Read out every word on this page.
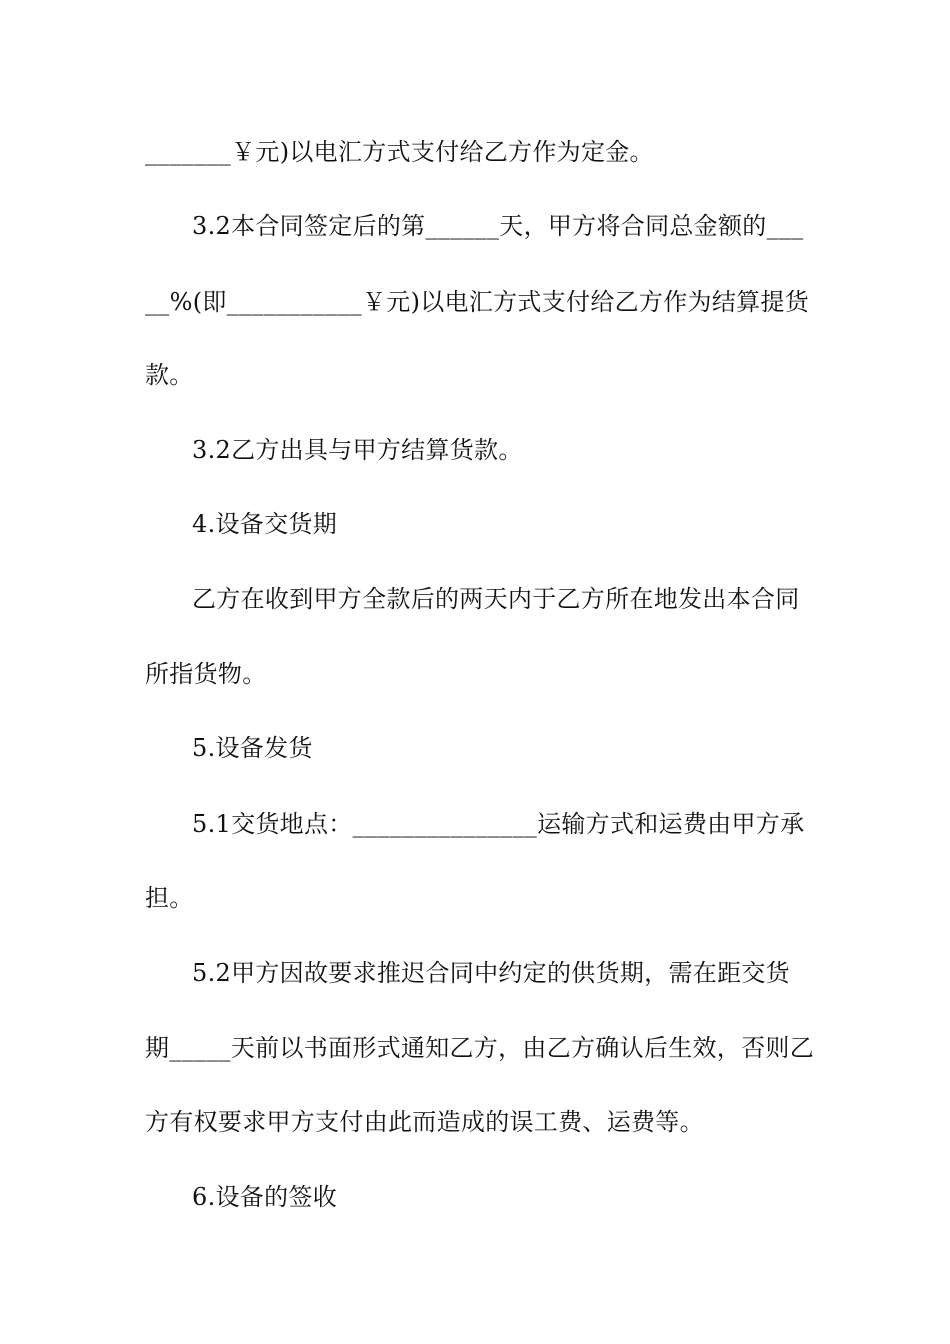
_______￥元)以电汇方式支付给乙方作为定金。
3.2本合同签定后的第______天，甲方将合同总金额的___
__%(即___________￥元)以电汇方式支付给乙方作为结算提货
款。
3.2乙方出具与甲方结算货款。
4.设备交货期
乙方在收到甲方全款后的两天内于乙方所在地发出本合同
所指货物。
5.设备发货
5.1交货地点：_______________运输方式和运费由甲方承
担。
5.2甲方因故要求推迟合同中约定的供货期，需在距交货
期_____天前以书面形式通知乙方，由乙方确认后生效，否则乙
方有权要求甲方支付由此而造成的误工费、运费等。
6.设备的签收
